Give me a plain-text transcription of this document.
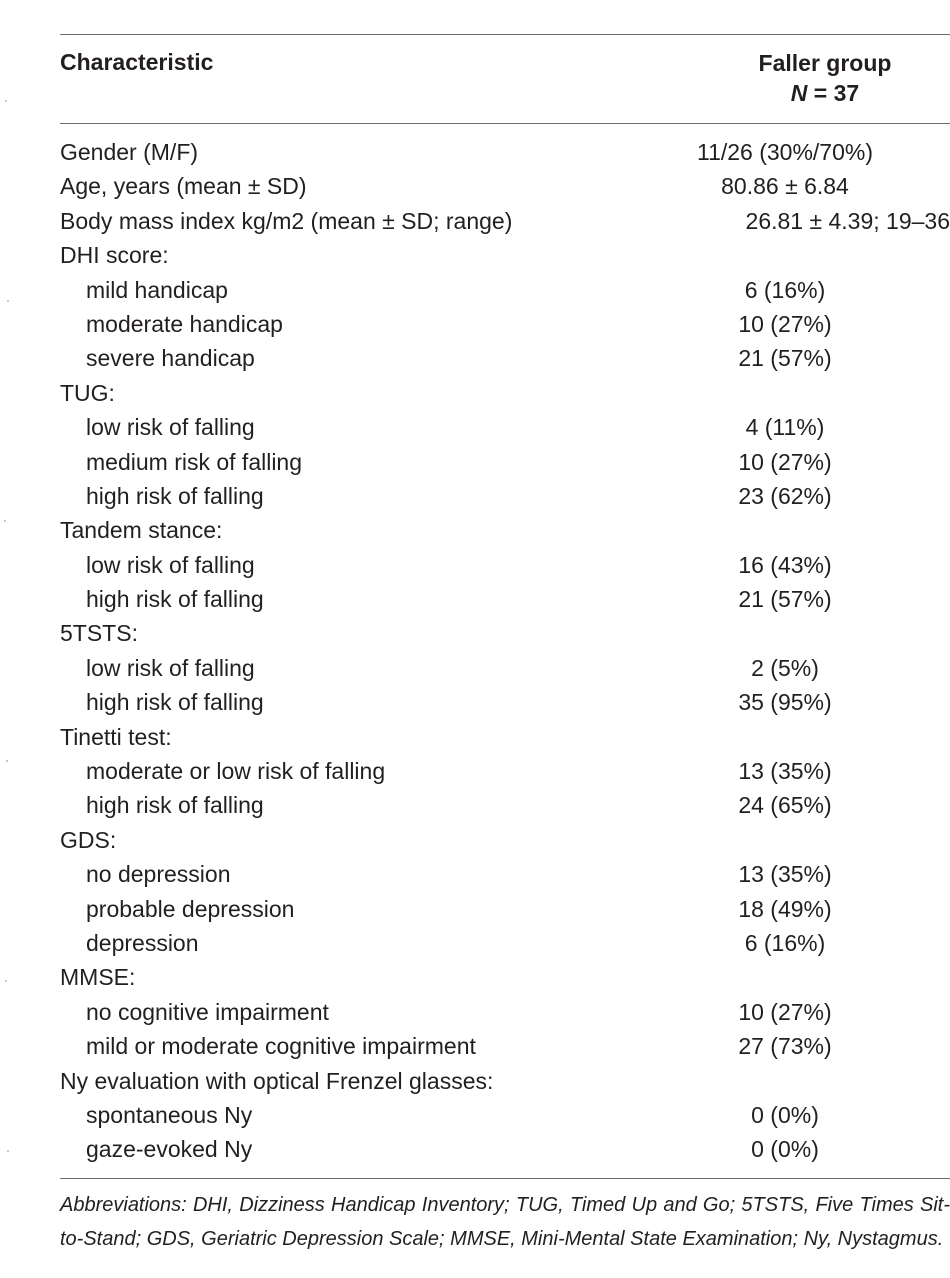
Characteristic	Faller group
N = 37
Gender (M/F)	11/26 (30%/70%)
Age, years (mean ± SD)	80.86 ± 6.84
Body mass index kg/m2 (mean ± SD; range)	26.81 ± 4.39; 19–36
DHI score:
mild handicap	6 (16%)
moderate handicap	10 (27%)
severe handicap	21 (57%)
TUG:
low risk of falling	4 (11%)
medium risk of falling	10 (27%)
high risk of falling	23 (62%)
Tandem stance:
low risk of falling	16 (43%)
high risk of falling	21 (57%)
5TSTS:
low risk of falling	2 (5%)
high risk of falling	35 (95%)
Tinetti test:
moderate or low risk of falling	13 (35%)
high risk of falling	24 (65%)
GDS:
no depression	13 (35%)
probable depression	18 (49%)
depression	6 (16%)
MMSE:
no cognitive impairment	10 (27%)
mild or moderate cognitive impairment	27 (73%)
Ny evaluation with optical Frenzel glasses:
spontaneous Ny	0 (0%)
gaze-evoked Ny	0 (0%)
Abbreviations: DHI, Dizziness Handicap Inventory; TUG, Timed Up and Go; 5TSTS, Five Times Sit-to-Stand; GDS, Geriatric Depression Scale; MMSE, Mini-Mental State Examination; Ny, Nystagmus.
